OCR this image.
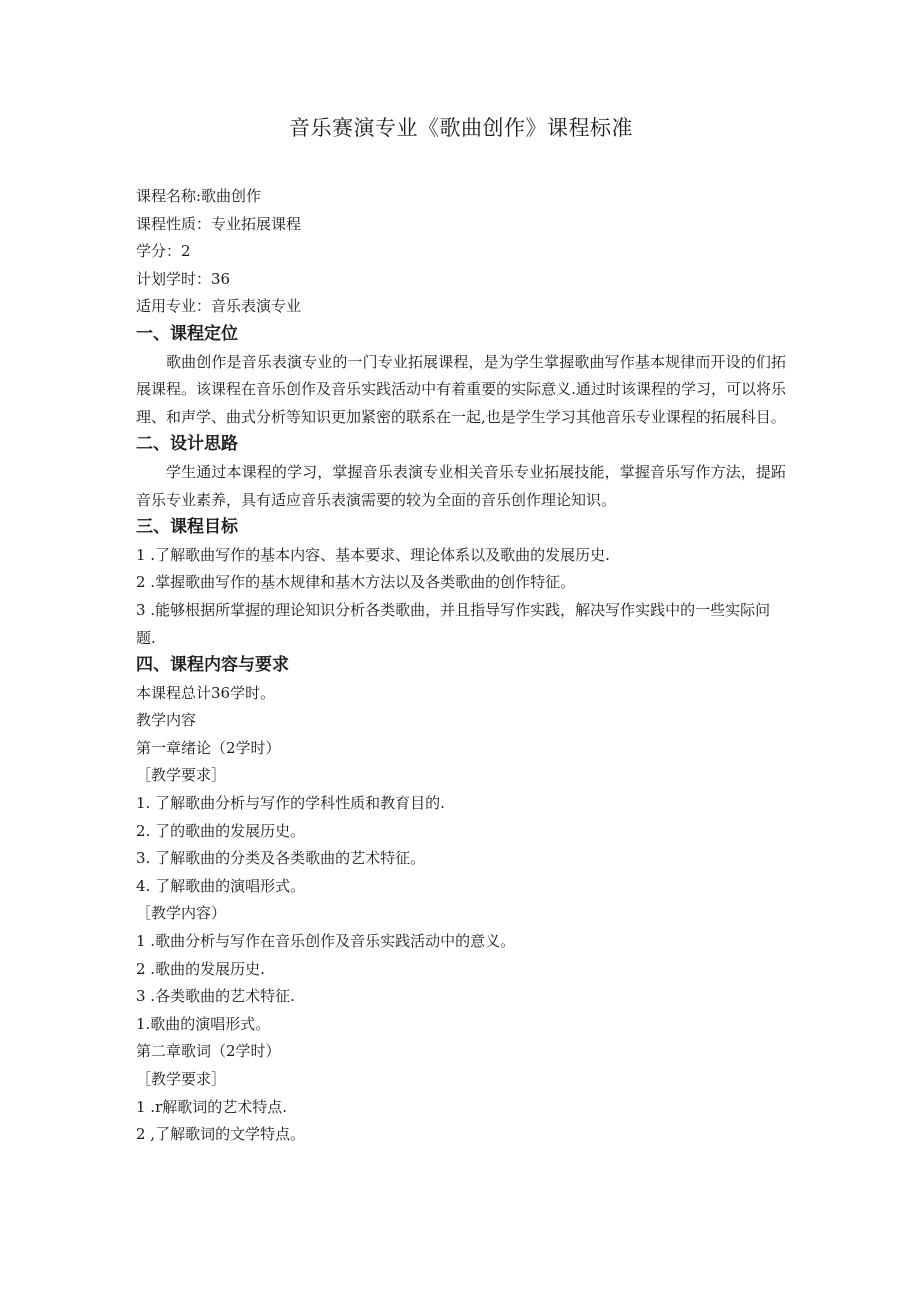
音乐赛演专业《歌曲创作》课程标准
课程名称:歌曲创作
课程性质：专业拓展课程
学分：2
计划学时：36
适用专业：音乐表演专业
一、课程定位

歌曲创作是音乐表演专业的一门专业拓展课程，是为学生掌握歌曲写作基本规律而开设的们拓展课程。该课程在音乐创作及音乐实践活动中有着重要的实际意义.通过时该课程的学习，可以将乐理、和声学、曲式分析等知识更加紧密的联系在一起,也是学生学习其他音乐专业课程的拓展科目。

二、设计思路

学生通过本课程的学习，掌握音乐表演专业相关音乐专业拓展技能，掌握音乐写作方法，提跖音乐专业素养，具有适应音乐表演需要的较为全面的音乐创作理论知识。

三、课程目标
1 .了解歌曲写作的基本内容、基本要求、理论体系以及歌曲的发展历史.
2 .掌握歌曲写作的基木规律和基木方法以及各类歌曲的创作特征。
3 .能够根据所掌握的理论知识分析各类歌曲，并且指导写作实践，解决写作实践中的一些实际问题.
四、课程内容与要求
本课程总计36学时。
教学内容
第一章绪论（2学时）
［教学要求］
1. 了解歌曲分析与写作的学科性质和教育目的.
2. 了的歌曲的发展历史。
3. 了解歌曲的分类及各类歌曲的艺术特征。
4. 了解歌曲的演唱形式。
［教学内容）
1 .歌曲分析与写作在音乐创作及音乐实践活动中的意义。
2 .歌曲的发展历史.
3 .各类歌曲的艺术特征.
1.歌曲的演唱形式。
第二章歌词（2学时）
［教学要求］
1 .r解歌词的艺术特点.
2 ,了解歌词的文学特点。
